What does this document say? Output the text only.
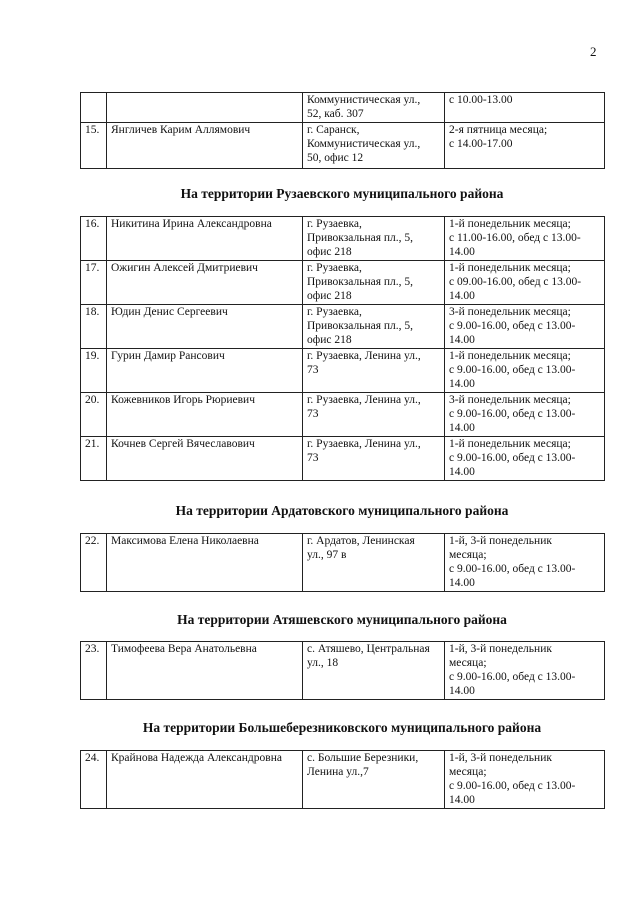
2
		Коммунистическая ул.,
52, каб. 307	с 10.00-13.00
15.	Янгличев Карим Аллямович	г. Саранск,
Коммунистическая ул.,
50, офис 12	2-я пятница месяца;
с 14.00-17.00
На территории Рузаевского муниципального района
16.	Никитина Ирина Александровна	г. Рузаевка,
Привокзальная пл., 5,
офис 218	1-й понедельник месяца;
с 11.00-16.00, обед с 13.00-
14.00
17.	Ожигин Алексей Дмитриевич	г. Рузаевка,
Привокзальная пл., 5,
офис 218	1-й понедельник месяца;
с 09.00-16.00, обед с 13.00-
14.00
18.	Юдин Денис Сергеевич	г. Рузаевка,
Привокзальная пл., 5,
офис 218	3-й понедельник месяца;
с 9.00-16.00, обед с 13.00-
14.00
19.	Гурин Дамир Рансович	г. Рузаевка, Ленина ул.,
73	1-й понедельник месяца;
с 9.00-16.00, обед с 13.00-
14.00
20.	Кожевников Игорь Рюриевич	г. Рузаевка, Ленина ул.,
73	3-й понедельник месяца;
с 9.00-16.00, обед с 13.00-
14.00
21.	Кочнев Сергей Вячеславович	г. Рузаевка, Ленина ул.,
73	1-й понедельник месяца;
с 9.00-16.00, обед с 13.00-
14.00
На территории Ардатовского муниципального района
22.	Максимова Елена Николаевна	г. Ардатов, Ленинская
ул., 97 в	1-й, 3-й понедельник
месяца;
с 9.00-16.00, обед с 13.00-
14.00
На территории Атяшевского муниципального района
23.	Тимофеева Вера Анатольевна	с. Атяшево, Центральная
ул., 18	1-й, 3-й понедельник
месяца;
с 9.00-16.00, обед с 13.00-
14.00
На территории Большеберезниковского муниципального района
24.	Крайнова Надежда Александровна	с. Большие Березники,
Ленина ул.,7	1-й, 3-й понедельник
месяца;
с 9.00-16.00, обед с 13.00-
14.00
